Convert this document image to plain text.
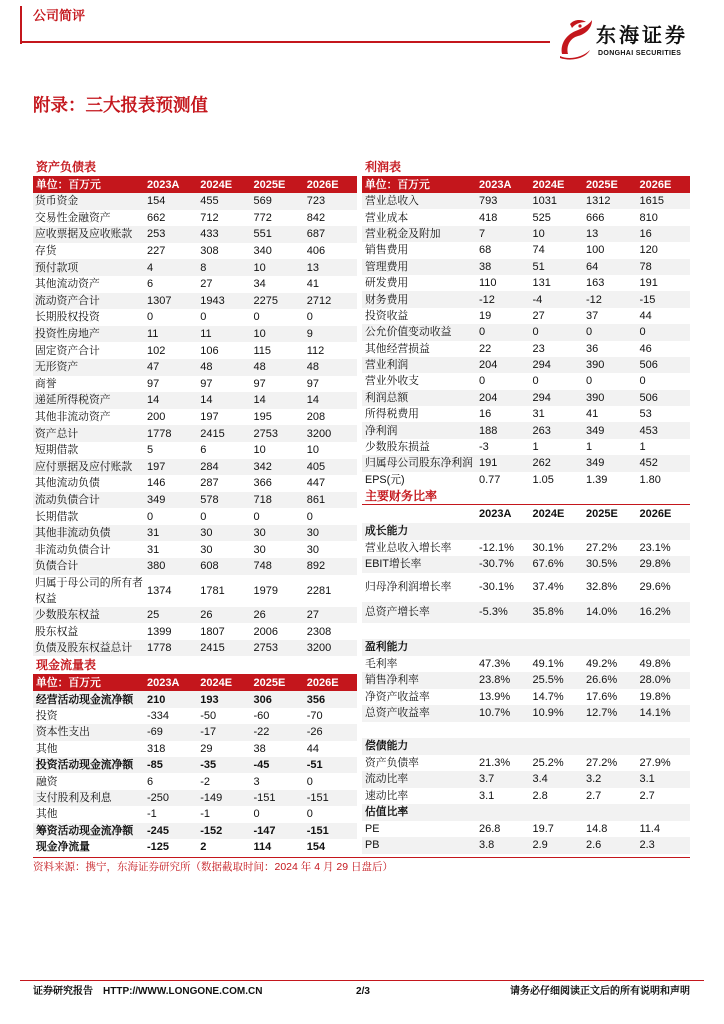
公司简评
东海证券
DONGHAI SECURITIES
附录：三大报表预测值
资产负债表
单位：百万元	2023A	2024E	2025E	2026E
货币资金	154	455	569	723
交易性金融资产	662	712	772	842
应收票据及应收账款	253	433	551	687
存货	227	308	340	406
预付款项	4	8	10	13
其他流动资产	6	27	34	41
流动资产合计	1307	1943	2275	2712
长期股权投资	0	0	0	0
投资性房地产	11	11	10	9
固定资产合计	102	106	115	112
无形资产	47	48	48	48
商誉	97	97	97	97
递延所得税资产	14	14	14	14
其他非流动资产	200	197	195	208
资产总计	1778	2415	2753	3200
短期借款	5	6	10	10
应付票据及应付账款	197	284	342	405
其他流动负债	146	287	366	447
流动负债合计	349	578	718	861
长期借款	0	0	0	0
其他非流动负债	31	30	30	30
非流动负债合计	31	30	30	30
负债合计	380	608	748	892
归属于母公司的所有者权益	1374	1781	1979	2281
少数股东权益	25	26	26	27
股东权益	1399	1807	2006	2308
负债及股东权益总计	1778	2415	2753	3200
现金流量表
单位：百万元	2023A	2024E	2025E	2026E
经营活动现金流净额	210	193	306	356
投资	-334	-50	-60	-70
资本性支出	-69	-17	-22	-26
其他	318	29	38	44
投资活动现金流净额	-85	-35	-45	-51
融资	6	-2	3	0
支付股利及利息	-250	-149	-151	-151
其他	-1	-1	0	0
筹资活动现金流净额	-245	-152	-147	-151
现金净流量	-125	2	114	154
利润表
单位：百万元	2023A	2024E	2025E	2026E
营业总收入	793	1031	1312	1615
营业成本	418	525	666	810
营业税金及附加	7	10	13	16
销售费用	68	74	100	120
管理费用	38	51	64	78
研发费用	110	131	163	191
财务费用	-12	-4	-12	-15
投资收益	19	27	37	44
公允价值变动收益	0	0	0	0
其他经营损益	22	23	36	46
营业利润	204	294	390	506
营业外收支	0	0	0	0
利润总额	204	294	390	506
所得税费用	16	31	41	53
净利润	188	263	349	453
少数股东损益	-3	1	1	1
归属母公司股东净利润	191	262	349	452
EPS(元)	0.77	1.05	1.39	1.80
主要财务比率
	2023A	2024E	2025E	2026E
成长能力				
营业总收入增长率	-12.1%	30.1%	27.2%	23.1%
EBIT增长率	-30.7%	67.6%	30.5%	29.8%
归母净利润增长率	-30.1%	37.4%	32.8%	29.6%
总资产增长率	-5.3%	35.8%	14.0%	16.2%

盈利能力				
毛利率	47.3%	49.1%	49.2%	49.8%
销售净利率	23.8%	25.5%	26.6%	28.0%
净资产收益率	13.9%	14.7%	17.6%	19.8%
总资产收益率	10.7%	10.9%	12.7%	14.1%

偿债能力				
资产负债率	21.3%	25.2%	27.2%	27.9%
流动比率	3.7	3.4	3.2	3.1
速动比率	3.1	2.8	2.7	2.7
估值比率				
PE	26.8	19.7	14.8	11.4
PB	3.8	2.9	2.6	2.3
资料来源：携宁，东海证券研究所（数据截取时间：2024 年 4 月 29 日盘后）
证券研究报告 HTTP://WWW.LONGONE.COM.CN	2/3	请务必仔细阅读正文后的所有说明和声明
